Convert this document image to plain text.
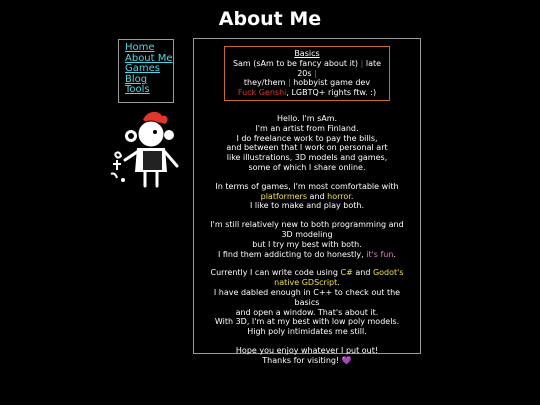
About Me
Home
About Me
Games
Blog
Tools
Basics
Sam (sAm to be fancy about it) | late 20s |
they/them | hobbyist game dev
Fuck Genshi, LGBTQ+ rights ftw. :)
Hello. I'm sAm.
I'm an artist from Finland.
I do freelance work to pay the bills,
and between that I work on personal art
like illustrations, 3D models and games,
some of which I share online.
In terms of games, I'm most comfortable with
platformers and horror.
I like to make and play both.
I'm still relatively new to both programming and
3D modeling
but I try my best with both.
I find them addicting to do honestly, it's fun.
Currently I can write code using C# and Godot's
native GDScript.
I have dabled enough in C++ to check out the
basics
and open a window. That's about it.
With 3D, I'm at my best with low poly models.
High poly intimidates me still.
Hope you enjoy whatever I put out!
Thanks for visiting! 💜
